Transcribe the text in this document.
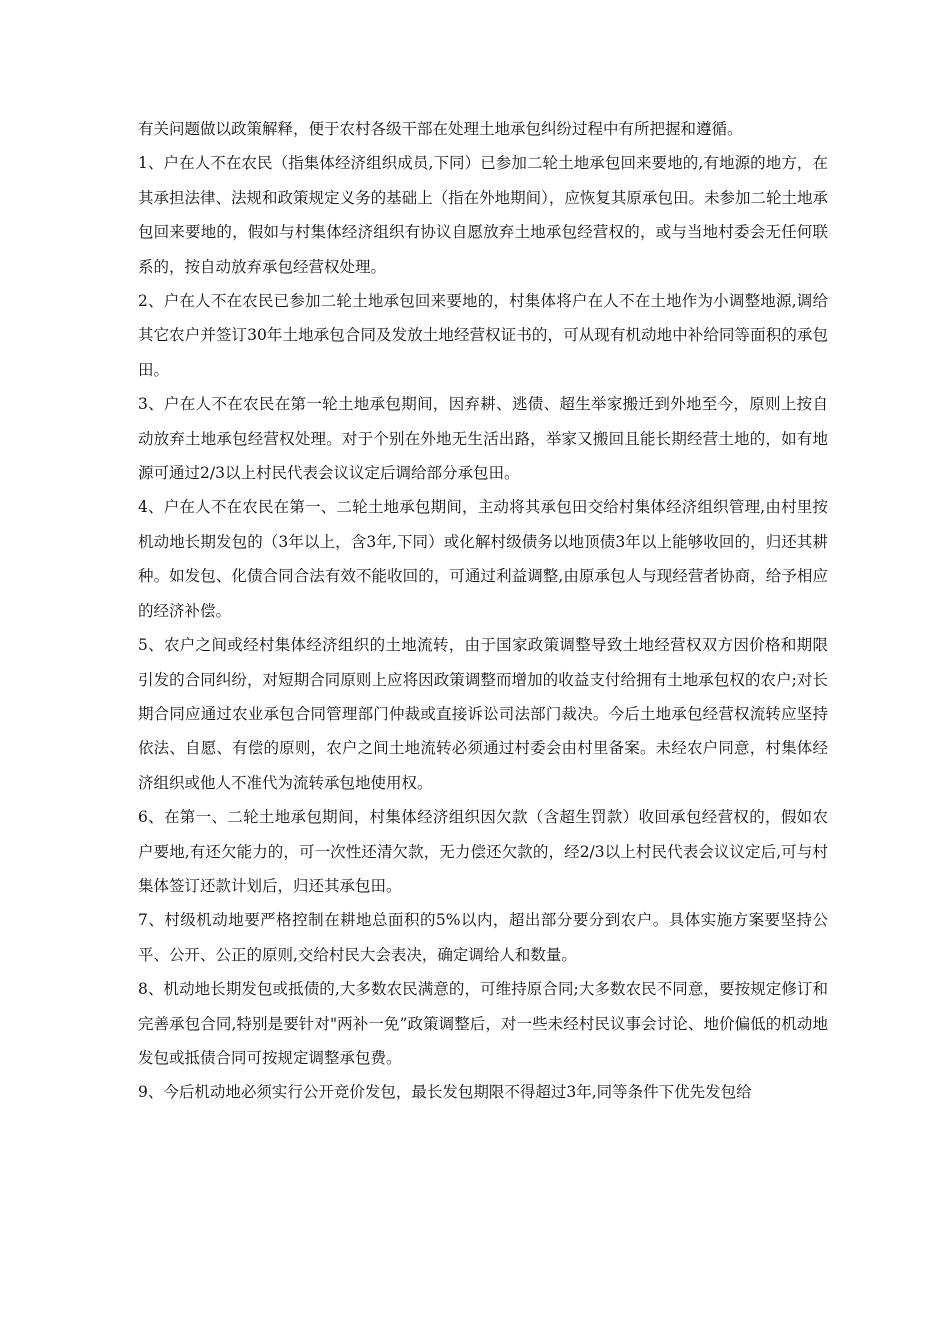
有关问题做以政策解释，便于农村各级干部在处理土地承包纠纷过程中有所把握和遵循。

1、户在人不在农民（指集体经济组织成员,下同）已参加二轮土地承包回来要地的,有地源的地方，在其承担法律、法规和政策规定义务的基础上（指在外地期间），应恢复其原承包田。未参加二轮土地承包回来要地的，假如与村集体经济组织有协议自愿放弃土地承包经营权的，或与当地村委会无任何联系的，按自动放弃承包经营权处理。

2、户在人不在农民已参加二轮土地承包回来要地的，村集体将户在人不在土地作为小调整地源,调给其它农户并签订30年土地承包合同及发放土地经营权证书的，可从现有机动地中补给同等面积的承包田。

3、户在人不在农民在第一轮土地承包期间，因弃耕、逃债、超生举家搬迁到外地至今，原则上按自动放弃土地承包经营权处理。对于个别在外地无生活出路，举家又搬回且能长期经营土地的，如有地源可通过2/3以上村民代表会议议定后调给部分承包田。

4、户在人不在农民在第一、二轮土地承包期间，主动将其承包田交给村集体经济组织管理,由村里按机动地长期发包的（3年以上，含3年,下同）或化解村级债务以地顶债3年以上能够收回的，归还其耕种。如发包、化债合同合法有效不能收回的，可通过利益调整,由原承包人与现经营者协商，给予相应的经济补偿。

5、农户之间或经村集体经济组织的土地流转，由于国家政策调整导致土地经营权双方因价格和期限引发的合同纠纷，对短期合同原则上应将因政策调整而增加的收益支付给拥有土地承包权的农户;对长期合同应通过农业承包合同管理部门仲裁或直接诉讼司法部门裁决。今后土地承包经营权流转应坚持依法、自愿、有偿的原则，农户之间土地流转必须通过村委会由村里备案。未经农户同意，村集体经济组织或他人不准代为流转承包地使用权。

6、在第一、二轮土地承包期间，村集体经济组织因欠款（含超生罚款）收回承包经营权的，假如农户要地,有还欠能力的，可一次性还清欠款，无力偿还欠款的，经2/3以上村民代表会议议定后,可与村集体签订还款计划后，归还其承包田。

7、村级机动地要严格控制在耕地总面积的5%以内，超出部分要分到农户。具体实施方案要坚持公平、公开、公正的原则,交给村民大会表决，确定调给人和数量。

8、机动地长期发包或抵债的,大多数农民满意的，可维持原合同;大多数农民不同意，要按规定修订和完善承包合同,特别是要针对"两补一免”政策调整后，对一些未经村民议事会讨论、地价偏低的机动地发包或抵债合同可按规定调整承包费。

9、今后机动地必须实行公开竞价发包，最长发包期限不得超过3年,同等条件下优先发包给
